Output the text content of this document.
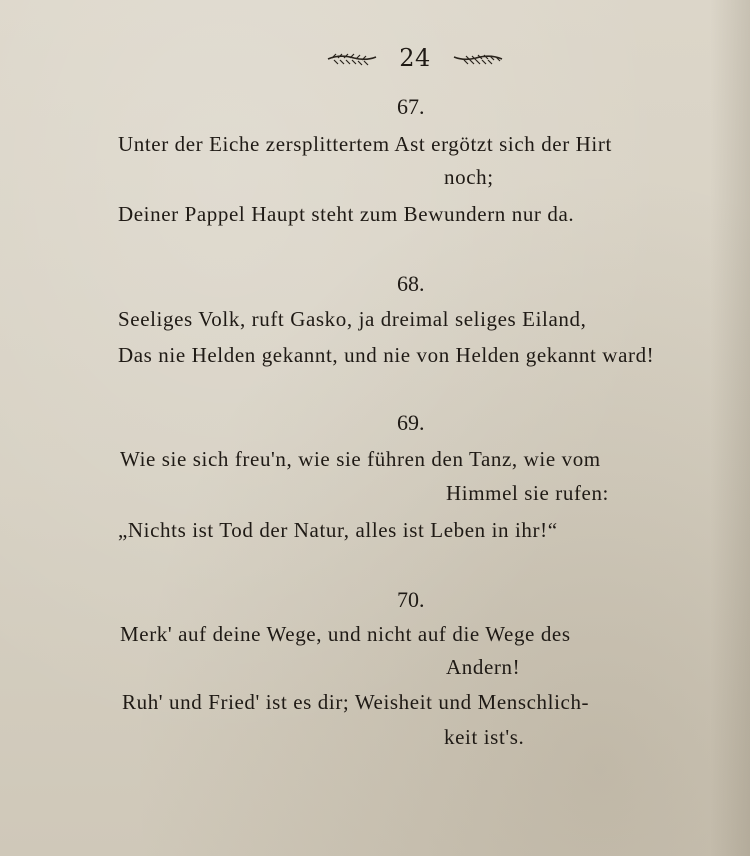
24
67.
Unter der Eiche zersplittertem Ast ergötzt sich der Hirt
noch;
Deiner Pappel Haupt steht zum Bewundern nur da.
68.
Seeliges Volk, ruft Gasko, ja dreimal seliges Eiland,
Das nie Helden gekannt, und nie von Helden gekannt ward!
69.
Wie sie sich freu'n, wie sie führen den Tanz, wie vom
Himmel sie rufen:
„Nichts ist Tod der Natur, alles ist Leben in ihr!“
70.
Merk' auf deine Wege, und nicht auf die Wege des
Andern!
Ruh' und Fried' ist es dir; Weisheit und Menschlich-
keit ist's.
